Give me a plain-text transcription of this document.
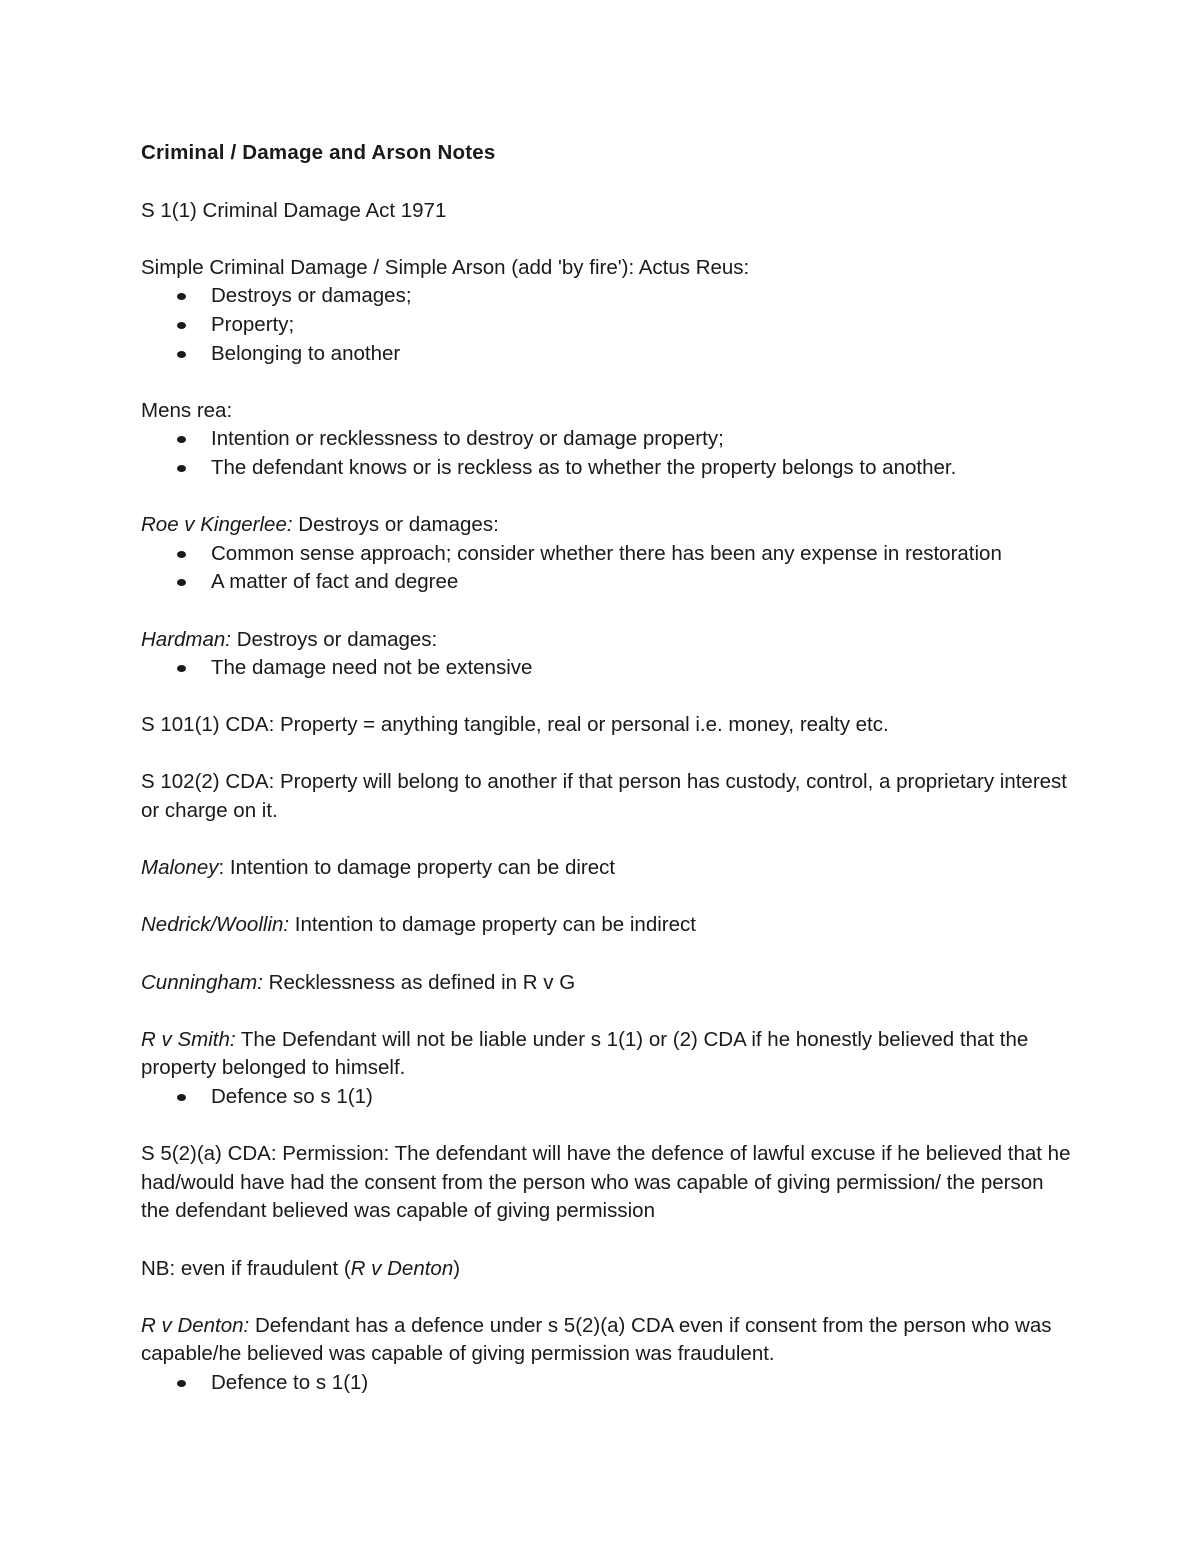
Criminal / Damage and Arson Notes

S 1(1) Criminal Damage Act 1971

Simple Criminal Damage / Simple Arson (add 'by fire'): Actus Reus:

Destroys or damages;
Property;
Belonging to another

Mens rea:

Intention or recklessness to destroy or damage property;
The defendant knows or is reckless as to whether the property belongs to another.

Roe v Kingerlee: Destroys or damages:

Common sense approach; consider whether there has been any expense in restoration
A matter of fact and degree

Hardman: Destroys or damages:

The damage need not be extensive

S 101(1) CDA: Property = anything tangible, real or personal i.e. money, realty etc.

S 102(2) CDA: Property will belong to another if that person has custody, control, a proprietary interest or charge on it.

Maloney: Intention to damage property can be direct

Nedrick/Woollin: Intention to damage property can be indirect

Cunningham: Recklessness as defined in R v G

R v Smith: The Defendant will not be liable under s 1(1) or (2) CDA if he honestly believed that the property belonged to himself.

Defence so s 1(1)

S 5(2)(a) CDA: Permission: The defendant will have the defence of lawful excuse if he believed that he had/would have had the consent from the person who was capable of giving permission/ the person the defendant believed was capable of giving permission

NB: even if fraudulent (R v Denton)

R v Denton: Defendant has a defence under s 5(2)(a) CDA even if consent from the person who was capable/he believed was capable of giving permission was fraudulent.

Defence to s 1(1)
